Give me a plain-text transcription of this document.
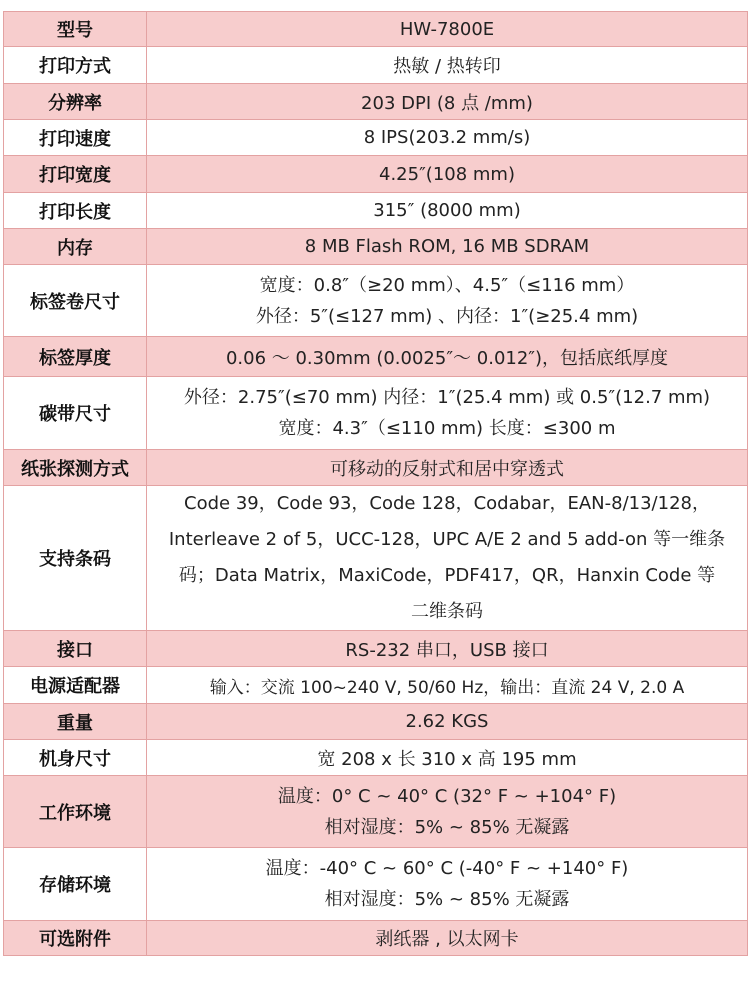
型号	HW-7800E

打印方式	热敏 / 热转印

分辨率	203 DPI (8 点 /mm)

打印速度	8 IPS(203.2 mm/s)

打印宽度	4.25″(108 mm)

打印长度	315″ (8000 mm)

内存	8 MB Flash ROM, 16 MB SDRAM

标签卷尺寸	宽度：0.8″（≥20 mm）、4.5″（≤116 mm）
外径：5″(≤127 mm) 、内径：1″(≥25.4 mm)

标签厚度	0.06 ～ 0.30mm (0.0025″～ 0.012″)，包括底纸厚度

碳带尺寸	外径：2.75″(≤70 mm) 内径：1″(25.4 mm) 或 0.5″(12.7 mm)
宽度：4.3″（≤110 mm) 长度：≤300 m

纸张探测方式	可移动的反射式和居中穿透式

支持条码	Code 39，Code 93，Code 128，Codabar，EAN-8/13/128，
Interleave 2 of 5，UCC-128，UPC A/E 2 and 5 add-on 等一维条
码；Data Matrix，MaxiCode，PDF417，QR，Hanxin Code 等
二维条码

接口	RS-232 串口，USB 接口

电源适配器	输入：交流 100~240 V, 50/60 Hz，输出：直流 24 V, 2.0 A

重量	2.62 KGS

机身尺寸	宽 208 x 长 310 x 高 195 mm

工作环境	温度：0° C ~ 40° C (32° F ~ +104° F)
相对湿度：5% ~ 85% 无凝露

存储环境	温度：-40° C ~ 60° C (-40° F ~ +140° F)
相对湿度：5% ~ 85% 无凝露

可选附件	剥纸器 , 以太网卡
